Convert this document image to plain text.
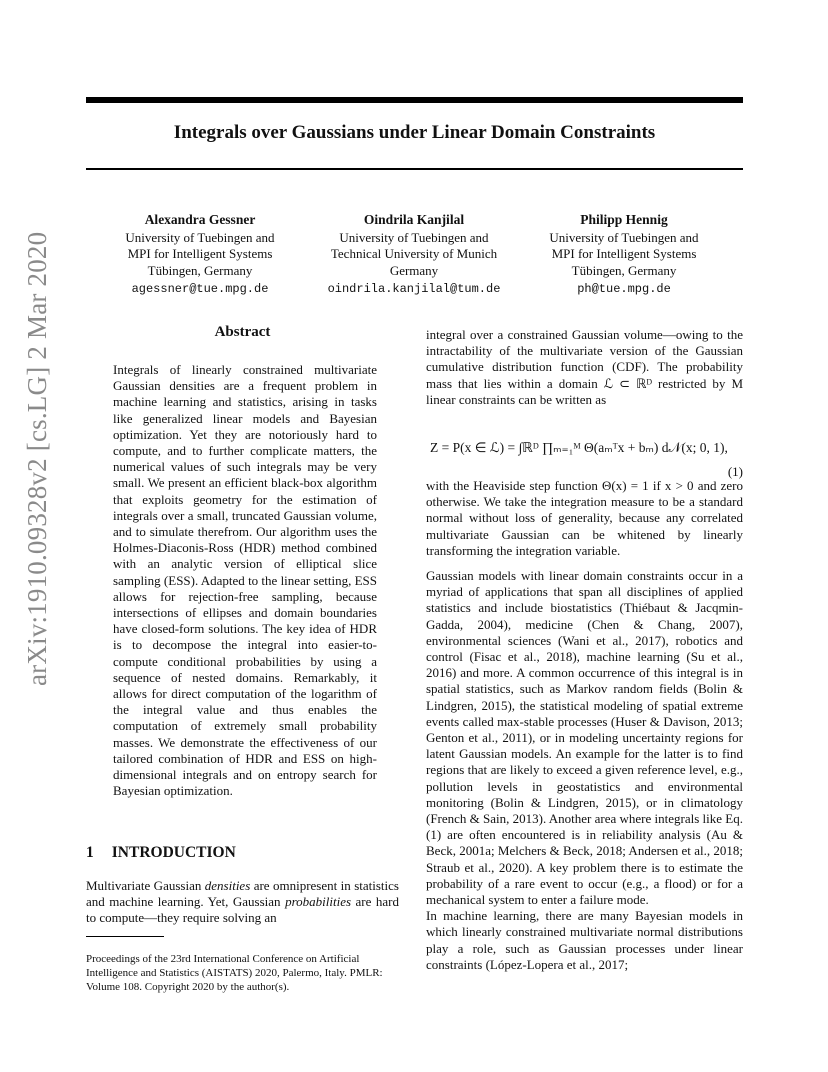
arXiv:1910.09328v2 [cs.LG] 2 Mar 2020
Integrals over Gaussians under Linear Domain Constraints
Alexandra Gessner
University of Tuebingen and
MPI for Intelligent Systems
Tübingen, Germany
agessner@tue.mpg.de
Oindrila Kanjilal
University of Tuebingen and
Technical University of Munich
Germany
oindrila.kanjilal@tum.de
Philipp Hennig
University of Tuebingen and
MPI for Intelligent Systems
Tübingen, Germany
ph@tue.mpg.de
Abstract
Integrals of linearly constrained multivariate Gaussian densities are a frequent problem in machine learning and statistics, arising in tasks like generalized linear models and Bayesian optimization. Yet they are notoriously hard to compute, and to further complicate matters, the numerical values of such integrals may be very small. We present an efficient black-box algorithm that exploits geometry for the estimation of integrals over a small, truncated Gaussian volume, and to simulate therefrom. Our algorithm uses the Holmes-Diaconis-Ross (HDR) method combined with an analytic version of elliptical slice sampling (ESS). Adapted to the linear setting, ESS allows for rejection-free sampling, because intersections of ellipses and domain boundaries have closed-form solutions. The key idea of HDR is to decompose the integral into easier-to-compute conditional probabilities by using a sequence of nested domains. Remarkably, it allows for direct computation of the logarithm of the integral value and thus enables the computation of extremely small probability masses. We demonstrate the effectiveness of our tailored combination of HDR and ESS on high-dimensional integrals and on entropy search for Bayesian optimization.
1 INTRODUCTION
Multivariate Gaussian densities are omnipresent in statistics and machine learning. Yet, Gaussian probabilities are hard to compute—they require solving an
Proceedings of the 23rd International Conference on Artificial Intelligence and Statistics (AISTATS) 2020, Palermo, Italy. PMLR: Volume 108. Copyright 2020 by the author(s).

integral over a constrained Gaussian volume—owing to the intractability of the multivariate version of the Gaussian cumulative distribution function (CDF). The probability mass that lies within a domain ℒ ⊂ ℝᴰ restricted by M linear constraints can be written as

Z = P(x ∈ ℒ) = ∫ℝᴰ ∏ₘ₌₁ᴹ Θ(aₘᵀx + bₘ) d𝒩(x; 0, 1),
(1)

with the Heaviside step function Θ(x) = 1 if x > 0 and zero otherwise. We take the integration measure to be a standard normal without loss of generality, because any correlated multivariate Gaussian can be whitened by linearly transforming the integration variable.

Gaussian models with linear domain constraints occur in a myriad of applications that span all disciplines of applied statistics and include biostatistics (Thiébaut & Jacqmin-Gadda, 2004), medicine (Chen & Chang, 2007), environmental sciences (Wani et al., 2017), robotics and control (Fisac et al., 2018), machine learning (Su et al., 2016) and more. A common occurrence of this integral is in spatial statistics, such as Markov random fields (Bolin & Lindgren, 2015), the statistical modeling of spatial extreme events called max-stable processes (Huser & Davison, 2013; Genton et al., 2011), or in modeling uncertainty regions for latent Gaussian models. An example for the latter is to find regions that are likely to exceed a given reference level, e.g., pollution levels in geostatistics and environmental monitoring (Bolin & Lindgren, 2015), or in climatology (French & Sain, 2013). Another area where integrals like Eq. (1) are often encountered is in reliability analysis (Au & Beck, 2001a; Melchers & Beck, 2018; Andersen et al., 2018; Straub et al., 2020). A key problem there is to estimate the probability of a rare event to occur (e.g., a flood) or for a mechanical system to enter a failure mode.

In machine learning, there are many Bayesian models in which linearly constrained multivariate normal distributions play a role, such as Gaussian processes under linear constraints (López-Lopera et al., 2017;
